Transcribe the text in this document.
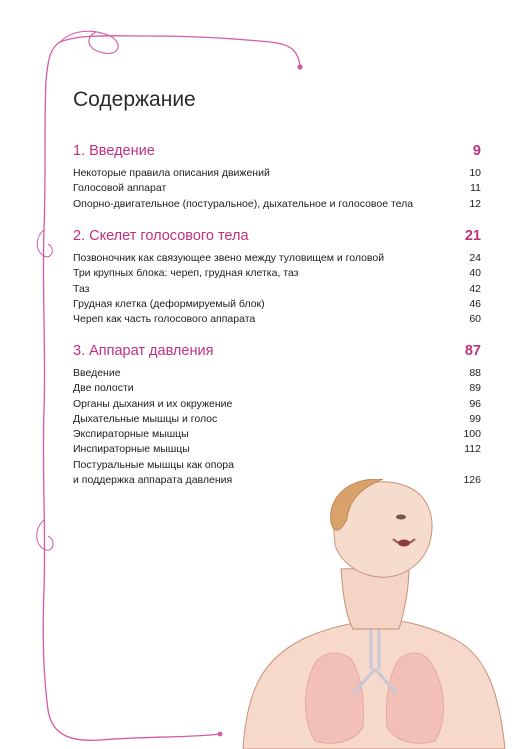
Содержание
1. Введение	9
Некоторые правила описания движений	10
Голосовой аппарат	11
Опорно-двигательное (постуральное), дыхательное и голосовое тела	12
2. Скелет голосового тела	21
Позвоночник как связующее звено между туловищем и головой	24
Три крупных блока: череп, грудная клетка, таз	40
Таз	42
Грудная клетка (деформируемый блок)	46
Череп как часть голосового аппарата	60
3. Аппарат давления	87
Введение	88
Две полости	89
Органы дыхания и их окружение	96
Дыхательные мышцы и голос	99
Экспираторные мышцы	100
Инспираторные мышцы	112
Постуральные мышцы как опора
и поддержка аппарата давления	126
